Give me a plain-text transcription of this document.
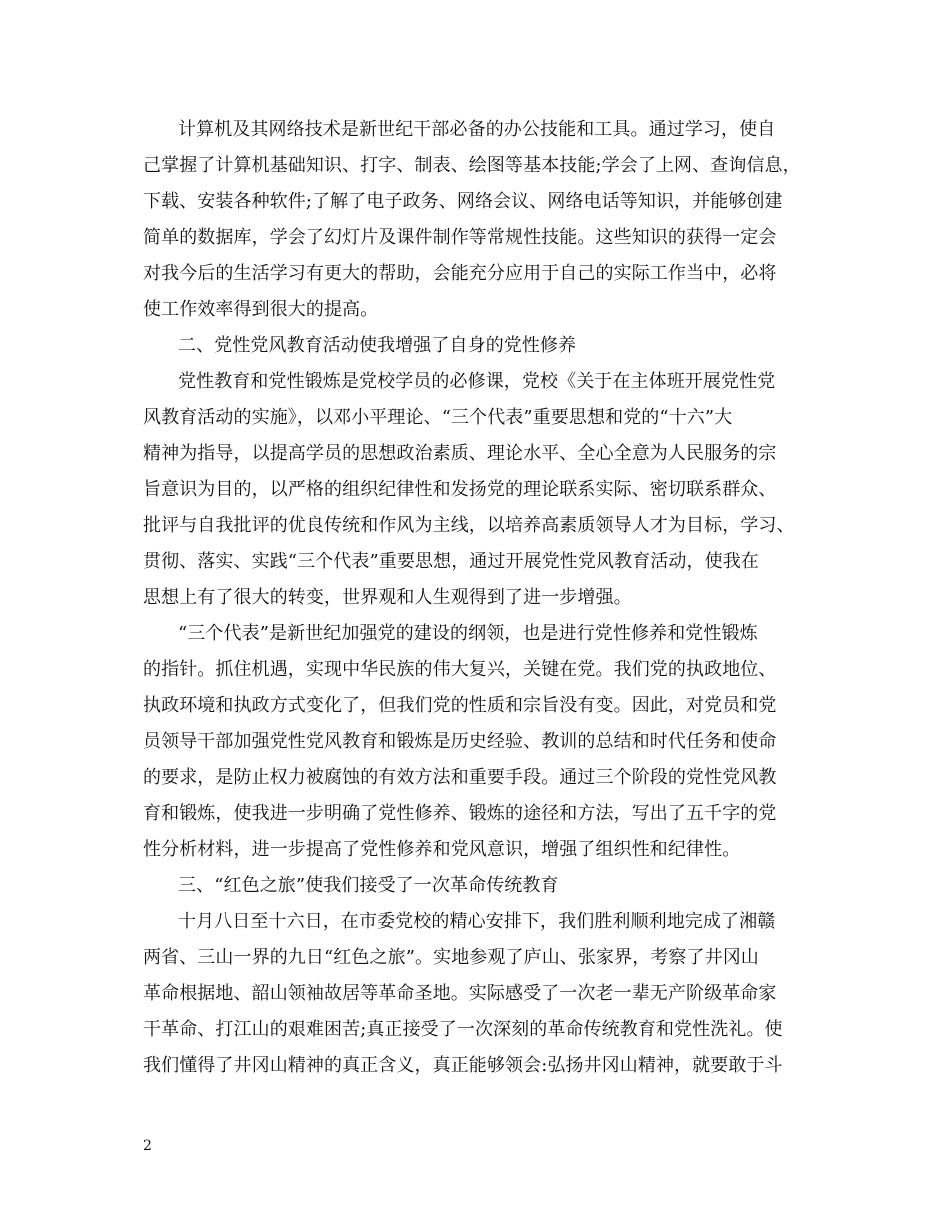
计算机及其网络技术是新世纪干部必备的办公技能和工具。通过学习，使自
己掌握了计算机基础知识、打字、制表、绘图等基本技能;学会了上网、查询信息，
下载、安装各种软件;了解了电子政务、网络会议、网络电话等知识，并能够创建
简单的数据库，学会了幻灯片及课件制作等常规性技能。这些知识的获得一定会
对我今后的生活学习有更大的帮助，会能充分应用于自己的实际工作当中，必将
使工作效率得到很大的提高。
二、党性党风教育活动使我增强了自身的党性修养
党性教育和党性锻炼是党校学员的必修课，党校《关于在主体班开展党性党
风教育活动的实施》，以邓小平理论、“三个代表”重要思想和党的“十六”大
精神为指导，以提高学员的思想政治素质、理论水平、全心全意为人民服务的宗
旨意识为目的，以严格的组织纪律性和发扬党的理论联系实际、密切联系群众、
批评与自我批评的优良传统和作风为主线，以培养高素质领导人才为目标，学习、
贯彻、落实、实践“三个代表”重要思想，通过开展党性党风教育活动，使我在
思想上有了很大的转变，世界观和人生观得到了进一步增强。
“三个代表”是新世纪加强党的建设的纲领，也是进行党性修养和党性锻炼
的指针。抓住机遇，实现中华民族的伟大复兴，关键在党。我们党的执政地位、
执政环境和执政方式变化了，但我们党的性质和宗旨没有变。因此，对党员和党
员领导干部加强党性党风教育和锻炼是历史经验、教训的总结和时代任务和使命
的要求，是防止权力被腐蚀的有效方法和重要手段。通过三个阶段的党性党风教
育和锻炼，使我进一步明确了党性修养、锻炼的途径和方法，写出了五千字的党
性分析材料，进一步提高了党性修养和党风意识，增强了组织性和纪律性。
三、“红色之旅”使我们接受了一次革命传统教育
十月八日至十六日，在市委党校的精心安排下，我们胜利顺利地完成了湘赣
两省、三山一界的九日“红色之旅”。实地参观了庐山、张家界，考察了井冈山
革命根据地、韶山领袖故居等革命圣地。实际感受了一次老一辈无产阶级革命家
干革命、打江山的艰难困苦;真正接受了一次深刻的革命传统教育和党性洗礼。使
我们懂得了井冈山精神的真正含义，真正能够领会:弘扬井冈山精神，就要敢于斗
2
